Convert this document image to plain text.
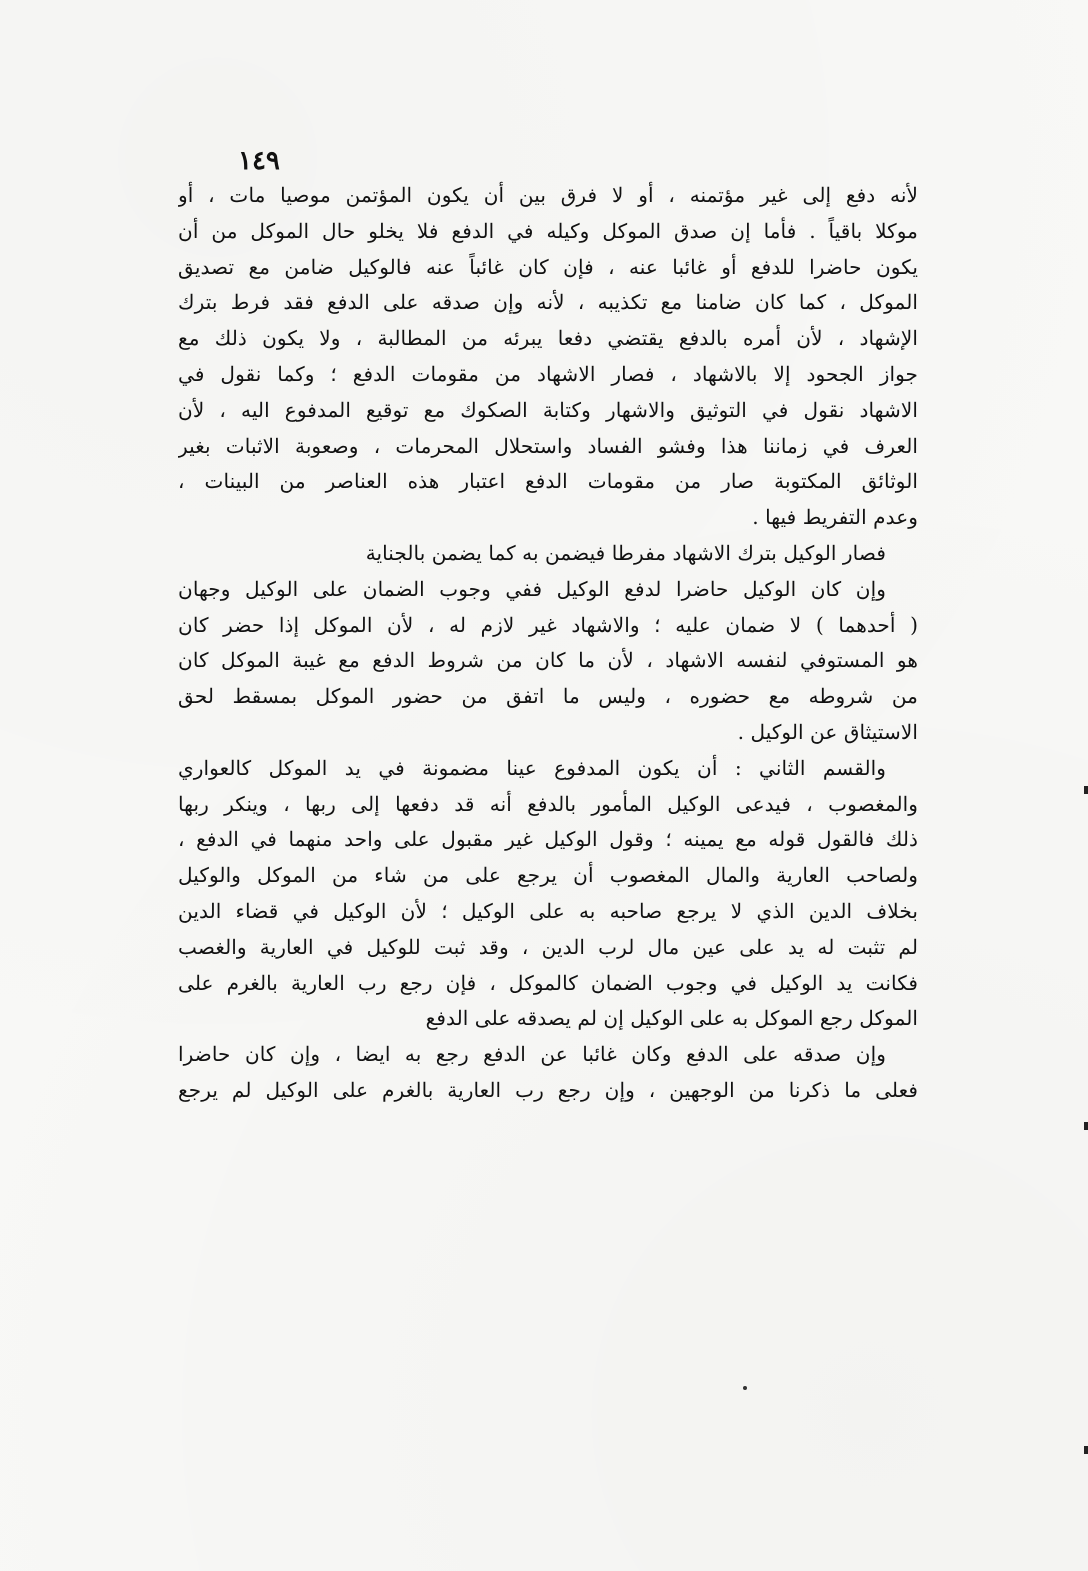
١٤٩
لأنه دفع إلى غير مؤتمنه ، أو لا فرق بين أن يكون المؤتمن موصيا مات ، أو
موكلا باقياً . فأما إن صدق الموكل وكيله في الدفع فلا يخلو حال الموكل من أن
يكون حاضرا للدفع أو غائبا عنه ، فإن كان غائباً عنه فالوكيل ضامن مع تصديق
الموكل ، كما كان ضامنا مع تكذيبه ، لأنه وإن صدقه على الدفع فقد فرط بترك
الإشهاد ، لأن أمره بالدفع يقتضي دفعا يبرئه من المطالبة ، ولا يكون ذلك مع
جواز الجحود إلا بالاشهاد ، فصار الاشهاد من مقومات الدفع ؛ وكما نقول في
الاشهاد نقول في التوثيق والاشهار وكتابة الصكوك مع توقيع المدفوع اليه ، لأن
العرف في زماننا هذا وفشو الفساد واستحلال المحرمات ، وصعوبة الاثبات بغير
الوثائق المكتوبة صار من مقومات الدفع اعتبار هذه العناصر من البينات ،
وعدم التفريط فيها .
فصار الوكيل بترك الاشهاد مفرطا فيضمن به كما يضمن بالجناية
وإن كان الوكيل حاضرا لدفع الوكيل ففي وجوب الضمان على الوكيل وجهان
( أحدهما ) لا ضمان عليه ؛ والاشهاد غير لازم له ، لأن الموكل إذا حضر كان
هو المستوفي لنفسه الاشهاد ، لأن ما كان من شروط الدفع مع غيبة الموكل كان
من شروطه مع حضوره ، وليس ما اتفق من حضور الموكل بمسقط لحق
الاستيثاق عن الوكيل .
والقسم الثاني : أن يكون المدفوع عينا مضمونة في يد الموكل كالعواري
والمغصوب ، فيدعى الوكيل المأمور بالدفع أنه قد دفعها إلى ربها ، وينكر ربها
ذلك فالقول قوله مع يمينه ؛ وقول الوكيل غير مقبول على واحد منهما في الدفع ،
ولصاحب العارية والمال المغصوب أن يرجع على من شاء من الموكل والوكيل
بخلاف الدين الذي لا يرجع صاحبه به على الوكيل ؛ لأن الوكيل في قضاء الدين
لم تثبت له يد على عين مال لرب الدين ، وقد ثبت للوكيل في العارية والغصب
فكانت يد الوكيل في وجوب الضمان كالموكل ، فإن رجع رب العارية بالغرم على
الموكل رجع الموكل به على الوكيل إن لم يصدقه على الدفع
وإن صدقه على الدفع وكان غائبا عن الدفع رجع به ايضا ، وإن كان حاضرا
فعلى ما ذكرنا من الوجهين ، وإن رجع رب العارية بالغرم على الوكيل لم يرجع
